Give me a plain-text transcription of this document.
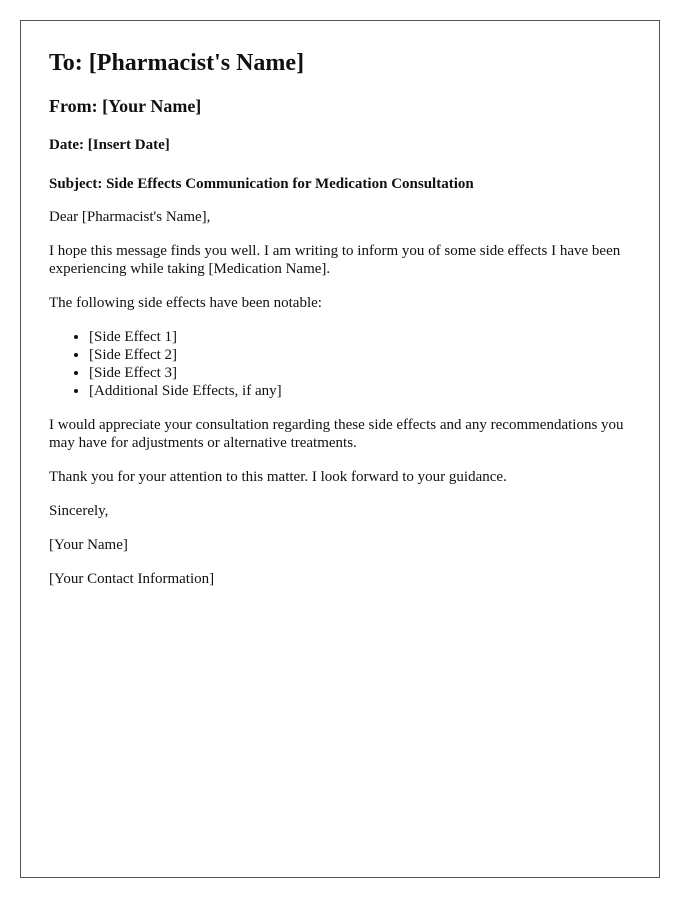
To: [Pharmacist's Name]
From: [Your Name]

Date: [Insert Date]

Subject: Side Effects Communication for Medication Consultation

Dear [Pharmacist's Name],

I hope this message finds you well. I am writing to inform you of some side effects I have been experiencing while taking [Medication Name].

The following side effects have been notable:

• [Side Effect 1]
• [Side Effect 2]
• [Side Effect 3]
• [Additional Side Effects, if any]

I would appreciate your consultation regarding these side effects and any recommendations you may have for adjustments or alternative treatments.

Thank you for your attention to this matter. I look forward to your guidance.

Sincerely,

[Your Name]

[Your Contact Information]
